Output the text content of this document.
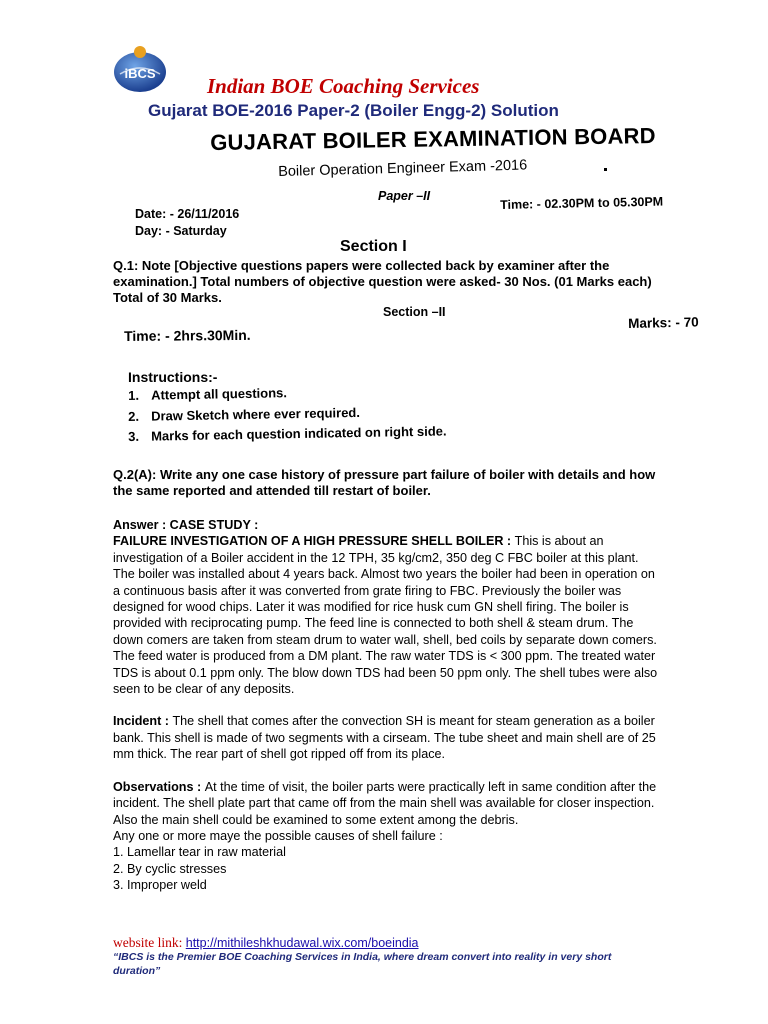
iBCS
Indian BOE Coaching Services
Gujarat BOE-2016 Paper-2 (Boiler Engg-2) Solution
GUJARAT BOILER EXAMINATION BOARD
Boiler Operation Engineer Exam -2016
Paper –II
Date: - 26/11/2016
Day: - Saturday
Time: - 02.30PM to 05.30PM
Section I
Q.1: Note [Objective questions papers were collected back by examiner after the examination.] Total numbers of objective question were asked- 30 Nos. (01 Marks each) Total of 30 Marks.
Section –II
Marks: - 70
Time: - 2hrs.30Min.
Instructions:-
1. Attempt all questions.
2. Draw Sketch where ever required.
3. Marks for each question indicated on right side.
Q.2(A): Write any one case history of pressure part failure of boiler with details and how the same reported and attended till restart of boiler.

Answer : CASE STUDY :

FAILURE INVESTIGATION OF A HIGH PRESSURE SHELL BOILER : This is about an investigation of a Boiler accident in the 12 TPH, 35 kg/cm2, 350 deg C FBC boiler at this plant. The boiler was installed about 4 years back. Almost two years the boiler had been in operation on a continuous basis after it was converted from grate firing to FBC. Previously the boiler was designed for wood chips. Later it was modified for rice husk cum GN shell firing. The boiler is provided with reciprocating pump. The feed line is connected to both shell & steam drum. The down comers are taken from steam drum to water wall, shell, bed coils by separate down comers. The feed water is produced from a DM plant. The raw water TDS is < 300 ppm. The treated water TDS is about 0.1 ppm only. The blow down TDS had been 50 ppm only. The shell tubes were also seen to be clear of any deposits.

Incident : The shell that comes after the convection SH is meant for steam generation as a boiler bank. This shell is made of two segments with a cirseam. The tube sheet and main shell are of 25 mm thick. The rear part of shell got ripped off from its place.

Observations : At the time of visit, the boiler parts were practically left in same condition after the incident. The shell plate part that came off from the main shell was available for closer inspection. Also the main shell could be examined to some extent among the debris.

Any one or more maye the possible causes of shell failure :

1. Lamellar tear in raw material

2. By cyclic stresses

3. Improper weld

website link: http://mithileshkhudawal.wix.com/boeindia
“IBCS is the Premier BOE Coaching Services in India, where dream convert into reality in very short duration”
